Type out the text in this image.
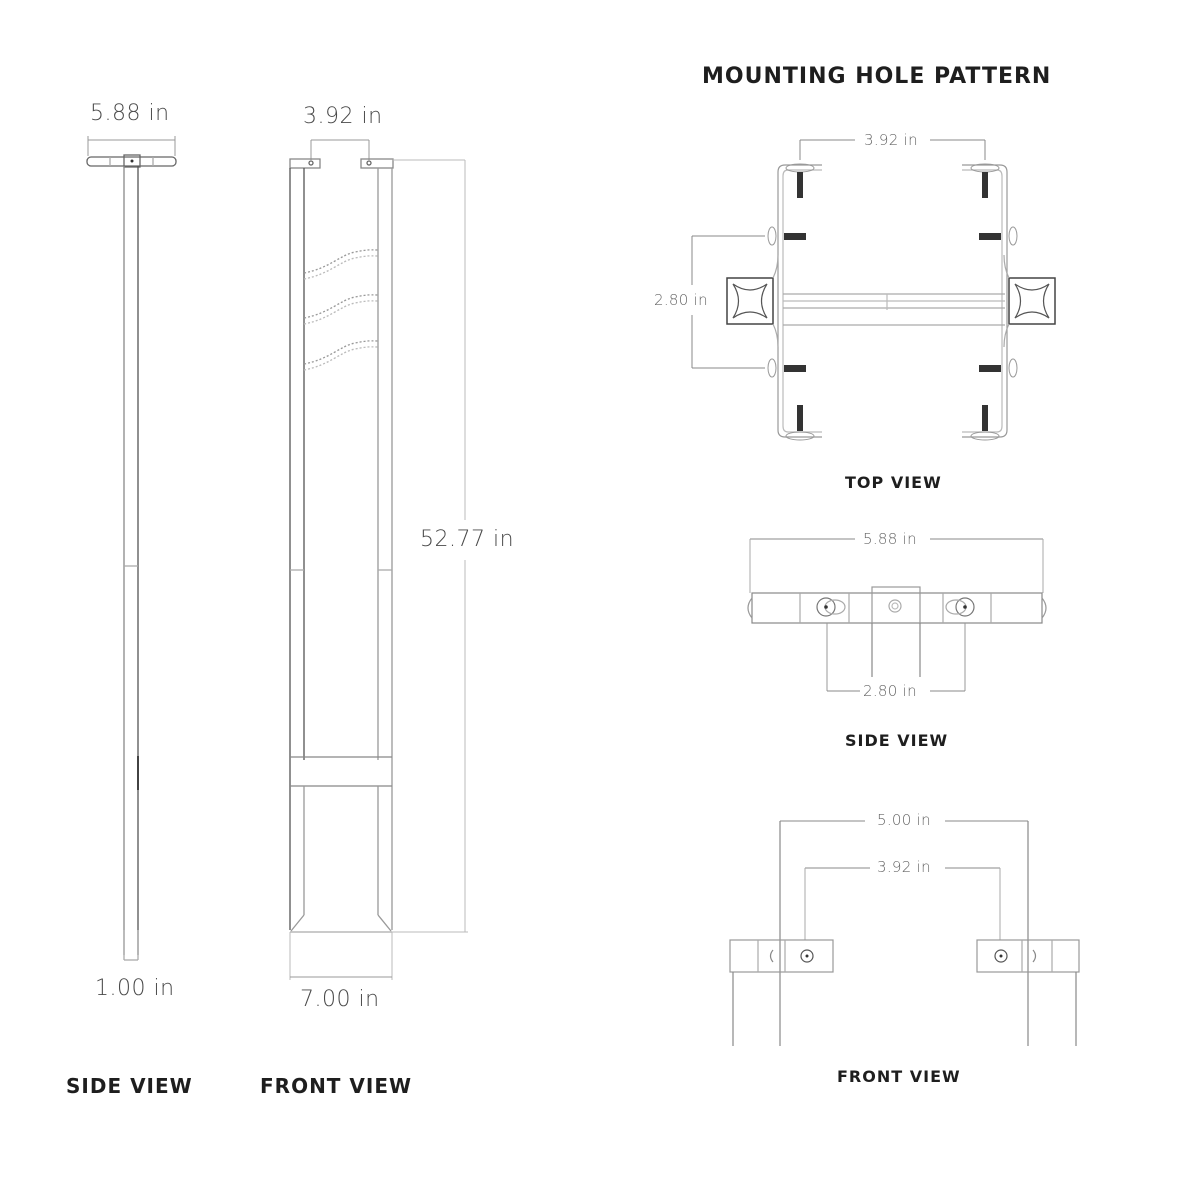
5.88 in
1.00 in
SIDE VIEW
3.92 in
52.77 in
7.00 in
FRONT VIEW
MOUNTING HOLE PATTERN
3.92 in
2.80 in
TOP VIEW
5.88 in
2.80 in
SIDE VIEW
5.00 in
3.92 in
FRONT VIEW
